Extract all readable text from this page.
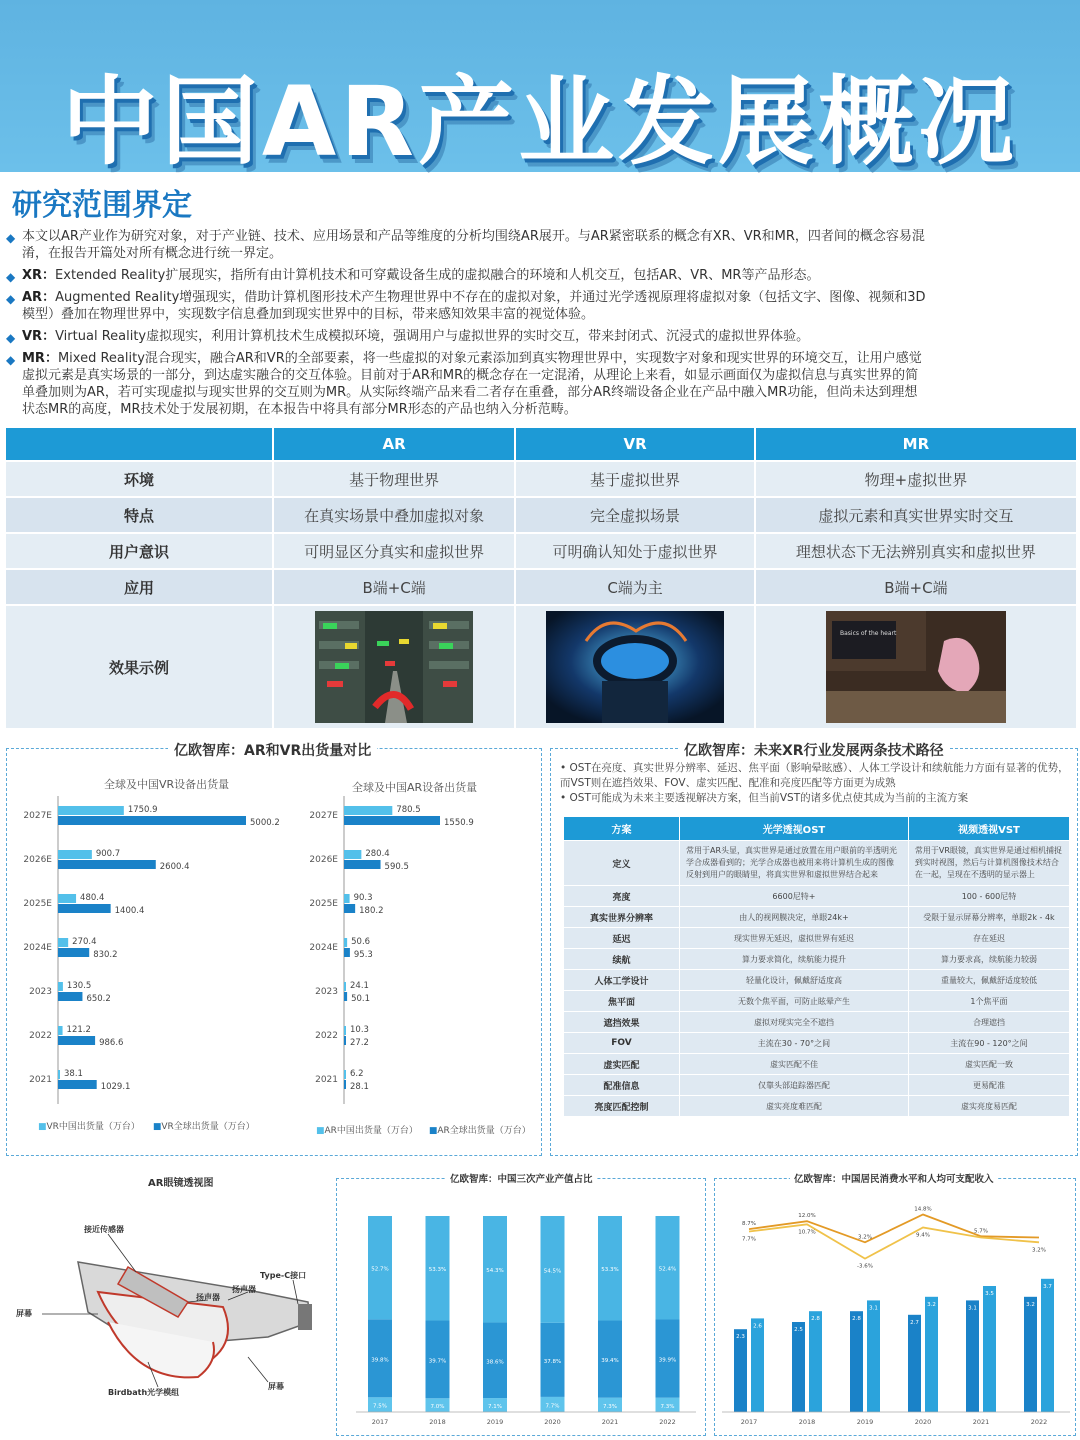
中国AR产业发展概况
研究范围界定
◆ 本文以AR产业作为研究对象，对于产业链、技术、应用场景和产品等维度的分析均围绕AR展开。与AR紧密联系的概念有XR、VR和MR，四者间的概念容易混淆，在报告开篇处对所有概念进行统一界定。
◆ XR：Extended Reality扩展现实，指所有由计算机技术和可穿戴设备生成的虚拟融合的环境和人机交互，包括AR、VR、MR等产品形态。
◆ AR：Augmented Reality增强现实，借助计算机图形技术产生物理世界中不存在的虚拟对象，并通过光学透视原理将虚拟对象（包括文字、图像、视频和3D模型）叠加在物理世界中，实现数字信息叠加到现实世界中的目标，带来感知效果丰富的视觉体验。
◆ VR：Virtual Reality虚拟现实，利用计算机技术生成模拟环境，强调用户与虚拟世界的实时交互，带来封闭式、沉浸式的虚拟世界体验。
◆ MR：Mixed Reality混合现实，融合AR和VR的全部要素，将一些虚拟的对象元素添加到真实物理世界中，实现数字对象和现实世界的环境交互，让用户感觉虚拟元素是真实场景的一部分，到达虚实融合的交互体验。目前对于AR和MR的概念存在一定混淆，从理论上来看，如显示画面仅为虚拟信息与真实世界的简单叠加则为AR，若可实现虚拟与现实世界的交互则为MR。从实际终端产品来看二者存在重叠，部分AR终端设备企业在产品中融入MR功能，但尚未达到理想状态MR的高度，MR技术处于发展初期，在本报告中将具有部分MR形态的产品也纳入分析范畴。
	AR	VR	MR
环境	基于物理世界	基于虚拟世界	物理+虚拟世界
特点	在真实场景中叠加虚拟对象	完全虚拟场景	虚拟元素和真实世界实时交互
用户意识	可明显区分真实和虚拟世界	可明确认知处于虚拟世界	理想状态下无法辨别真实和虚拟世界
应用	B端+C端	C端为主	B端+C端
效果示例			Basics of the heart
亿欧智库：AR和VR出货量对比
全球及中国VR设备出货量	全球及中国AR设备出货量
2027E
1750.9
5000.2
2026E
900.7
2600.4
2025E
480.4
1400.4
2024E
270.4
830.2
2023
130.5
650.2
2022
121.2
986.6
2021
38.1
1029.1
2027E
780.5
1550.9
2026E
280.4
590.5
2025E
90.3
180.2
2024E
50.6
95.3
2023
24.1
50.1
2022
10.3
27.2
2021
6.2
28.1
■VR中国出货量（万台） ■VR全球出货量（万台）	■AR中国出货量（万台） ■AR全球出货量（万台）
亿欧智库：未来XR行业发展两条技术路径
• OST在亮度、真实世界分辨率、延迟、焦平面（影响晕眩感）、人体工学设计和续航能力方面有显著的优势，而VST则在遮挡效果、FOV、虚实匹配、配准和亮度匹配等方面更为成熟
• OST可能成为未来主要透视解决方案，但当前VST的诸多优点使其成为当前的主流方案
方案	光学透视OST	视频透视VST
定义	常用于AR头显，真实世界是通过放置在用户眼前的半透明光学合成器看到的；光学合成器也被用来将计算机生成的图像反射到用户的眼睛里，将真实世界和虚拟世界结合起来	常用于VR眼镜，真实世界是通过相机捕捉到实时视图，然后与计算机图像技术结合在一起，呈现在不透明的显示器上
亮度	6600尼特+	100 - 600尼特
真实世界分辨率	由人的视网膜决定，单眼24k+	受限于显示屏幕分辨率，单眼2k - 4k
延迟	现实世界无延迟，虚拟世界有延迟	存在延迟
续航	算力要求简化，续航能力提升	算力要求高，续航能力较弱
人体工学设计	轻量化设计，佩戴舒适度高	重量较大，佩戴舒适度较低
焦平面	无数个焦平面，可防止眩晕产生	1个焦平面
遮挡效果	虚拟对现实完全不遮挡	合理遮挡
FOV	主流在30 - 70°之间	主流在90 - 120°之间
虚实匹配	虚实匹配不佳	虚实匹配一致
配准信息	仅靠头部追踪器匹配	更易配准
亮度匹配控制	虚实亮度难匹配	虚实亮度易匹配
AR眼镜透视图
接近传感器
Type-C接口
扬声器
扬声器
屏幕
Birdbath光学模组
屏幕
亿欧智库：中国三次产业产值占比
7.5%
39.8%
52.7%
2017
7.0%
39.7%
53.3%
2018
7.1%
38.6%
54.3%
2019
7.7%
37.8%
54.5%
2020
7.3%
39.4%
53.3%
2021
7.3%
39.9%
52.4%
2022
亿欧智库：中国居民消费水平和人均可支配收入
2.3
2.6
2017
2.5
2.8
2018
2.8
3.1
2019
2.7
3.2
2020
3.1
3.5
2021
3.2
3.7
2022
8.7%
12.0%
3.2%
14.8%
5.7%
7.7%
10.7%
-3.6%
9.4%
3.2%
